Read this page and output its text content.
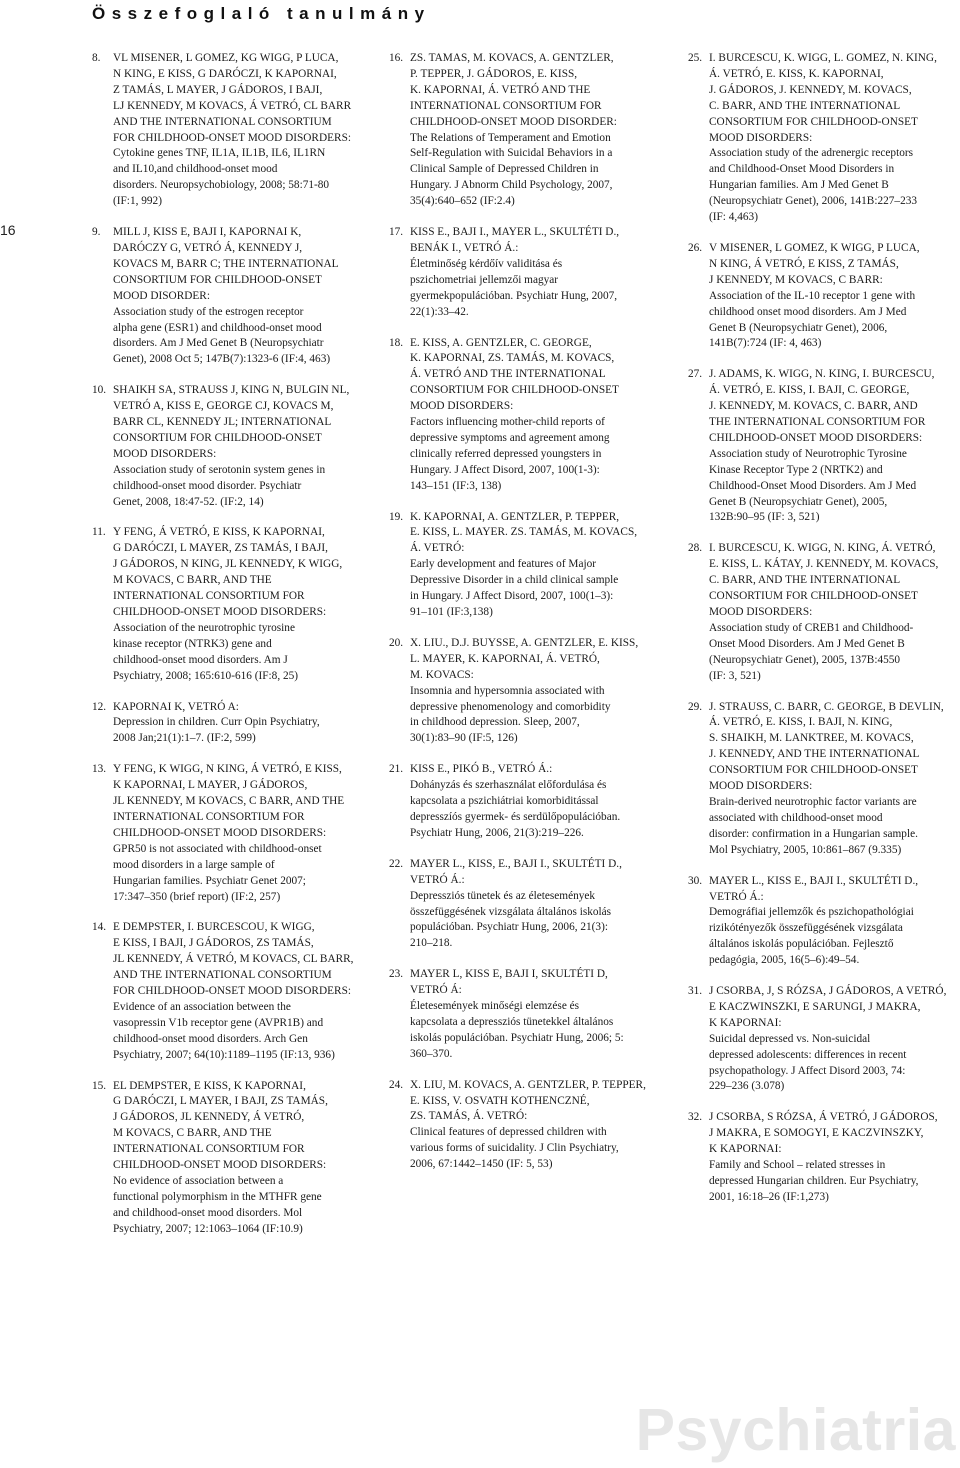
Összefoglaló tanulmány
16
8. VL MISENER, L GOMEZ, KG WIGG, P LUCA,
N KING, E KISS, G DARÓCZI, K KAPORNAI,
Z TAMÁS, L MAYER, J GÁDOROS, I BAJI,
LJ KENNEDY, M KOVACS, Á VETRÓ, CL BARR
AND THE INTERNATIONAL CONSORTIUM
FOR CHILDHOOD-ONSET MOOD DISORDERS:
Cytokine genes TNF, IL1A, IL1B, IL6, IL1RN
and IL10,and childhood-onset mood
disorders. Neuropsychobiology, 2008; 58:71-80
(IF:1, 992)
9. MILL J, KISS E, BAJI I, KAPORNAI K,
DARÓCZY G, VETRÓ Á, KENNEDY J,
KOVACS M, BARR C; THE INTERNATIONAL
CONSORTIUM FOR CHILDHOOD-ONSET
MOOD DISORDER:
Association study of the estrogen receptor
alpha gene (ESR1) and childhood-onset mood
disorders. Am J Med Genet B (Neuropsychiatr
Genet), 2008 Oct 5; 147B(7):1323-6 (IF:4, 463)
10. SHAIKH SA, STRAUSS J, KING N, BULGIN NL,
VETRÓ A, KISS E, GEORGE CJ, KOVACS M,
BARR CL, KENNEDY JL; INTERNATIONAL
CONSORTIUM FOR CHILDHOOD-ONSET
MOOD DISORDERS:
Association study of serotonin system genes in
childhood-onset mood disorder. Psychiatr
Genet, 2008, 18:47-52. (IF:2, 14)
11. Y FENG, Á VETRÓ, E KISS, K KAPORNAI,
G DARÓCZI, L MAYER, ZS TAMÁS, I BAJI,
J GÁDOROS, N KING, JL KENNEDY, K WIGG,
M KOVACS, C BARR, AND THE
INTERNATIONAL CONSORTIUM FOR
CHILDHOOD-ONSET MOOD DISORDERS:
Association of the neurotrophic tyrosine
kinase receptor (NTRK3) gene and
childhood-onset mood disorders. Am J
Psychiatry, 2008; 165:610-616 (IF:8, 25)
12. KAPORNAI K, VETRÓ A:
Depression in children. Curr Opin Psychiatry,
2008 Jan;21(1):1–7. (IF:2, 599)
13. Y FENG, K WIGG, N KING, Á VETRÓ, E KISS,
K KAPORNAI, L MAYER, J GÁDOROS,
JL KENNEDY, M KOVACS, C BARR, AND THE
INTERNATIONAL CONSORTIUM FOR
CHILDHOOD-ONSET MOOD DISORDERS:
GPR50 is not associated with childhood-onset
mood disorders in a large sample of
Hungarian families. Psychiatr Genet 2007;
17:347–350 (brief report) (IF:2, 257)
14. E DEMPSTER, I. BURCESCOU, K WIGG,
E KISS, I BAJI, J GÁDOROS, ZS TAMÁS,
JL KENNEDY, Á VETRÓ, M KOVACS, CL BARR,
AND THE INTERNATIONAL CONSORTIUM
FOR CHILDHOOD-ONSET MOOD DISORDERS:
Evidence of an association between the
vasopressin V1b receptor gene (AVPR1B) and
childhood-onset mood disorders. Arch Gen
Psychiatry, 2007; 64(10):1189–1195 (IF:13, 936)
15. EL DEMPSTER, E KISS, K KAPORNAI,
G DARÓCZI, L MAYER, I BAJI, ZS TAMÁS,
J GÁDOROS, JL KENNEDY, Á VETRÓ,
M KOVACS, C BARR, AND THE
INTERNATIONAL CONSORTIUM FOR
CHILDHOOD-ONSET MOOD DISORDERS:
No evidence of association between a
functional polymorphism in the MTHFR gene
and childhood-onset mood disorders. Mol
Psychiatry, 2007; 12:1063–1064 (IF:10.9)
16. ZS. TAMAS, M. KOVACS, A. GENTZLER,
P. TEPPER, J. GÁDOROS, E. KISS,
K. KAPORNAI, Á. VETRÓ AND THE
INTERNATIONAL CONSORTIUM FOR
CHILDHOOD-ONSET MOOD DISORDER:
The Relations of Temperament and Emotion
Self-Regulation with Suicidal Behaviors in a
Clinical Sample of Depressed Children in
Hungary. J Abnorm Child Psychology, 2007,
35(4):640–652 (IF:2.4)
17. KISS E., BAJI I., MAYER L., SKULTÉTI D.,
BENÁK I., VETRÓ Á.:
Életminőség kérdőív validitása és
pszichometriai jellemzői magyar
gyermekpopulációban. Psychiatr Hung, 2007,
22(1):33–42.
18. E. KISS, A. GENTZLER, C. GEORGE,
K. KAPORNAI, ZS. TAMÁS, M. KOVACS,
Á. VETRÓ AND THE INTERNATIONAL
CONSORTIUM FOR CHILDHOOD-ONSET
MOOD DISORDERS:
Factors influencing mother-child reports of
depressive symptoms and agreement among
clinically referred depressed youngsters in
Hungary. J Affect Disord, 2007, 100(1-3):
143–151 (IF:3, 138)
19. K. KAPORNAI, A. GENTZLER, P. TEPPER,
E. KISS, L. MAYER. ZS. TAMÁS, M. KOVACS,
Á. VETRÓ:
Early development and features of Major
Depressive Disorder in a child clinical sample
in Hungary. J Affect Disord, 2007, 100(1–3):
91–101 (IF:3,138)
20. X. LIU., D.J. BUYSSE, A. GENTZLER, E. KISS,
L. MAYER, K. KAPORNAI, Á. VETRÓ,
M. KOVACS:
Insomnia and hypersomnia associated with
depressive phenomenology and comorbidity
in childhood depression. Sleep, 2007,
30(1):83–90 (IF:5, 126)
21. KISS E., PIKÓ B., VETRÓ Á.:
Dohányzás és szerhasználat előfordulása és
kapcsolata a pszichiátriai komorbiditással
depresszíós gyermek- és serdülőpopulációban.
Psychiatr Hung, 2006, 21(3):219–226.
22. MAYER L., KISS, E., BAJI I., SKULTÉTI D.,
VETRÓ Á.:
Depressziós tünetek és az életesemények
összefüggésének vizsgálata általános iskolás
populációban. Psychiatr Hung, 2006, 21(3):
210–218.
23. MAYER L, KISS E, BAJI I, SKULTÉTI D,
VETRÓ Á:
Életesemények minőségi elemzése és
kapcsolata a depressziós tünetekkel általános
iskolás populációban. Psychiatr Hung, 2006; 5:
360–370.
24. X. LIU, M. KOVACS, A. GENTZLER, P. TEPPER,
E. KISS, V. OSVATH KOTHENCZNÉ,
ZS. TAMÁS, Á. VETRÓ:
Clinical features of depressed children with
various forms of suicidality. J Clin Psychiatry,
2006, 67:1442–1450 (IF: 5, 53)
25. I. BURCESCU, K. WIGG, L. GOMEZ, N. KING,
Á. VETRÓ, E. KISS, K. KAPORNAI,
J. GÁDOROS, J. KENNEDY, M. KOVACS,
C. BARR, AND THE INTERNATIONAL
CONSORTIUM FOR CHILDHOOD-ONSET
MOOD DISORDERS:
Association study of the adrenergic receptors
and Childhood-Onset Mood Disorders in
Hungarian families. Am J Med Genet B
(Neuropsychiatr Genet), 2006, 141B:227–233
(IF: 4,463)
26. V MISENER, L GOMEZ, K WIGG, P LUCA,
N KING, Á VETRÓ, E KISS, Z TAMÁS,
J KENNEDY, M KOVACS, C BARR:
Association of the IL-10 receptor 1 gene with
childhood onset mood disorders. Am J Med
Genet B (Neuropsychiatr Genet), 2006,
141B(7):724 (IF: 4, 463)
27. J. ADAMS, K. WIGG, N. KING, I. BURCESCU,
Á. VETRÓ, E. KISS, I. BAJI, C. GEORGE,
J. KENNEDY, M. KOVACS, C. BARR, AND
THE INTERNATIONAL CONSORTIUM FOR
CHILDHOOD-ONSET MOOD DISORDERS:
Association study of Neurotrophic Tyrosine
Kinase Receptor Type 2 (NRTK2) and
Childhood-Onset Mood Disorders. Am J Med
Genet B (Neuropsychiatr Genet), 2005,
132B:90–95 (IF: 3, 521)
28. I. BURCESCU, K. WIGG, N. KING, Á. VETRÓ,
E. KISS, L. KÁTAY, J. KENNEDY, M. KOVACS,
C. BARR, AND THE INTERNATIONAL
CONSORTIUM FOR CHILDHOOD-ONSET
MOOD DISORDERS:
Association study of CREB1 and Childhood-
Onset Mood Disorders. Am J Med Genet B
(Neuropsychiatr Genet), 2005, 137B:4550
(IF: 3, 521)
29. J. STRAUSS, C. BARR, C. GEORGE, B DEVLIN,
Á. VETRÓ, E. KISS, I. BAJI, N. KING,
S. SHAIKH, M. LANKTREE, M. KOVACS,
J. KENNEDY, AND THE INTERNATIONAL
CONSORTIUM FOR CHILDHOOD-ONSET
MOOD DISORDERS:
Brain-derived neurotrophic factor variants are
associated with childhood-onset mood
disorder: confirmation in a Hungarian sample.
Mol Psychiatry, 2005, 10:861–867 (9.335)
30. MAYER L., KISS E., BAJI I., SKULTÉTI D.,
VETRÓ Á.:
Demográfiai jellemzők és pszichopathológiai
rizikótényezők összefüggésének vizsgálata
általános iskolás populációban. Fejlesztő
pedagógia, 2005, 16(5–6):49–54.
31. J CSORBA, J, S RÓZSA, J GÁDOROS, A VETRÓ,
E KACZWINSZKI, E SARUNGI, J MAKRA,
K KAPORNAI:
Suicidal depressed vs. Non-suicidal
depressed adolescents: differences in recent
psychopathology. J Affect Disord 2003, 74:
229–236 (3.078)
32. J CSORBA, S RÓZSA, Á VETRÓ, J GÁDOROS,
J MAKRA, E SOMOGYI, E KACZVINSZKY,
K KAPORNAI:
Family and School – related stresses in
depressed Hungarian children. Eur Psychiatry,
2001, 16:18–26 (IF:1,273)
Psychiatria
